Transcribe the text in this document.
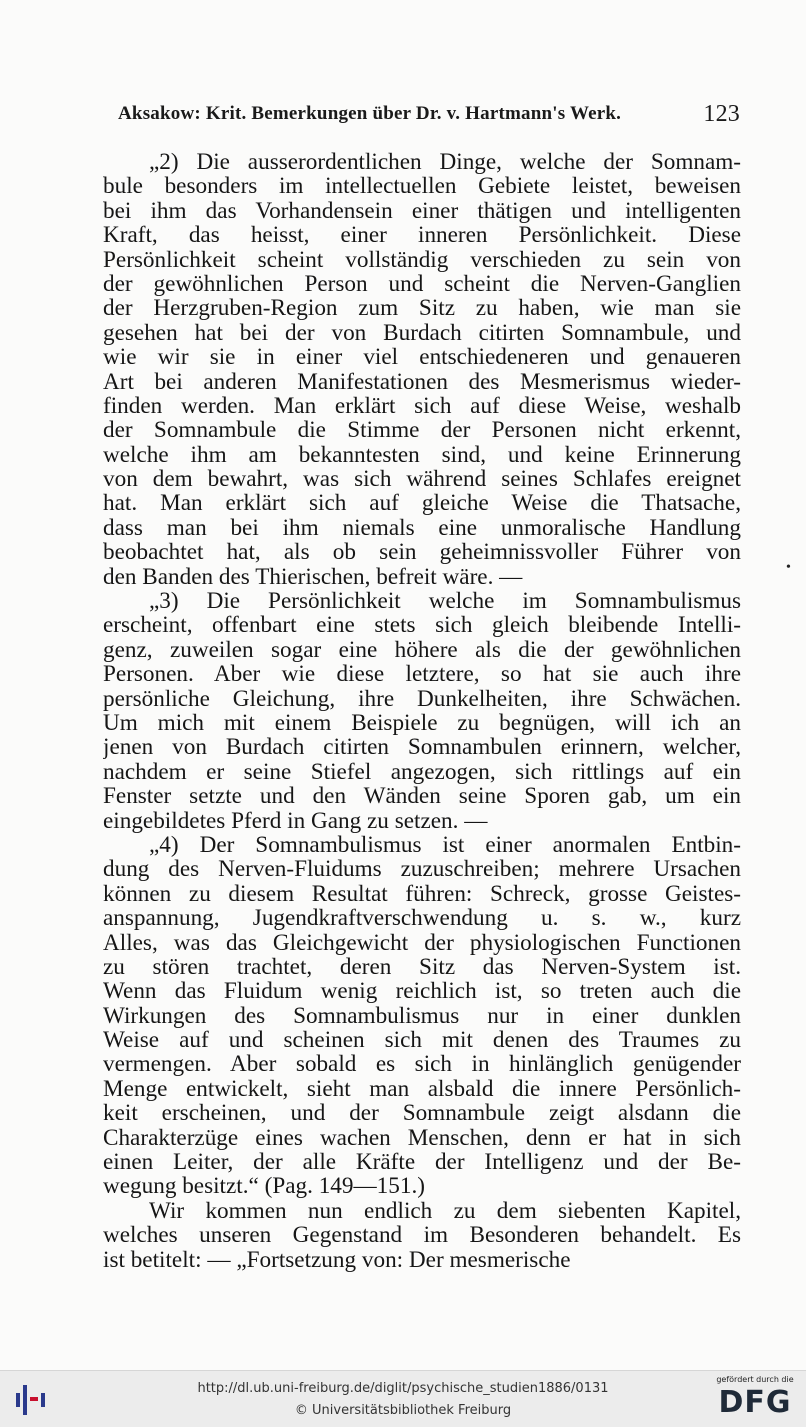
Aksakow: Krit. Bemerkungen über Dr. v. Hartmann's Werk.	123
„2) Die ausserordentlichen Dinge, welche der Somnam-
bule besonders im intellectuellen Gebiete leistet, beweisen
bei ihm das Vorhandensein einer thätigen und intelligenten
Kraft, das heisst, einer inneren Persönlichkeit. Diese
Persönlichkeit scheint vollständig verschieden zu sein von
der gewöhnlichen Person und scheint die Nerven-Ganglien
der Herzgruben-Region zum Sitz zu haben, wie man sie
gesehen hat bei der von Burdach citirten Somnambule, und
wie wir sie in einer viel entschiedeneren und genaueren
Art bei anderen Manifestationen des Mesmerismus wieder-
finden werden. Man erklärt sich auf diese Weise, weshalb
der Somnambule die Stimme der Personen nicht erkennt,
welche ihm am bekanntesten sind, und keine Erinnerung
von dem bewahrt, was sich während seines Schlafes ereignet
hat. Man erklärt sich auf gleiche Weise die Thatsache,
dass man bei ihm niemals eine unmoralische Handlung
beobachtet hat, als ob sein geheimnissvoller Führer von
den Banden des Thierischen, befreit wäre. —
„3) Die Persönlichkeit welche im Somnambulismus
erscheint, offenbart eine stets sich gleich bleibende Intelli-
genz, zuweilen sogar eine höhere als die der gewöhnlichen
Personen. Aber wie diese letztere, so hat sie auch ihre
persönliche Gleichung, ihre Dunkelheiten, ihre Schwächen.
Um mich mit einem Beispiele zu begnügen, will ich an
jenen von Burdach citirten Somnambulen erinnern, welcher,
nachdem er seine Stiefel angezogen, sich rittlings auf ein
Fenster setzte und den Wänden seine Sporen gab, um ein
eingebildetes Pferd in Gang zu setzen. —
„4) Der Somnambulismus ist einer anormalen Entbin-
dung des Nerven-Fluidums zuzuschreiben; mehrere Ursachen
können zu diesem Resultat führen: Schreck, grosse Geistes-
anspannung, Jugendkraftverschwendung u. s. w., kurz
Alles, was das Gleichgewicht der physiologischen Functionen
zu stören trachtet, deren Sitz das Nerven-System ist.
Wenn das Fluidum wenig reichlich ist, so treten auch die
Wirkungen des Somnambulismus nur in einer dunklen
Weise auf und scheinen sich mit denen des Traumes zu
vermengen. Aber sobald es sich in hinlänglich genügender
Menge entwickelt, sieht man alsbald die innere Persönlich-
keit erscheinen, und der Somnambule zeigt alsdann die
Charakterzüge eines wachen Menschen, denn er hat in sich
einen Leiter, der alle Kräfte der Intelligenz und der Be-
wegung besitzt.“ (Pag. 149—151.)
Wir kommen nun endlich zu dem siebenten Kapitel,
welches unseren Gegenstand im Besonderen behandelt. Es
ist betitelt: — „Fortsetzung von: Der mesmerische
•
http://dl.ub.uni-freiburg.de/diglit/psychische_studien1886/0131
© Universitätsbibliothek Freiburg
gefördert durch die
DFG
